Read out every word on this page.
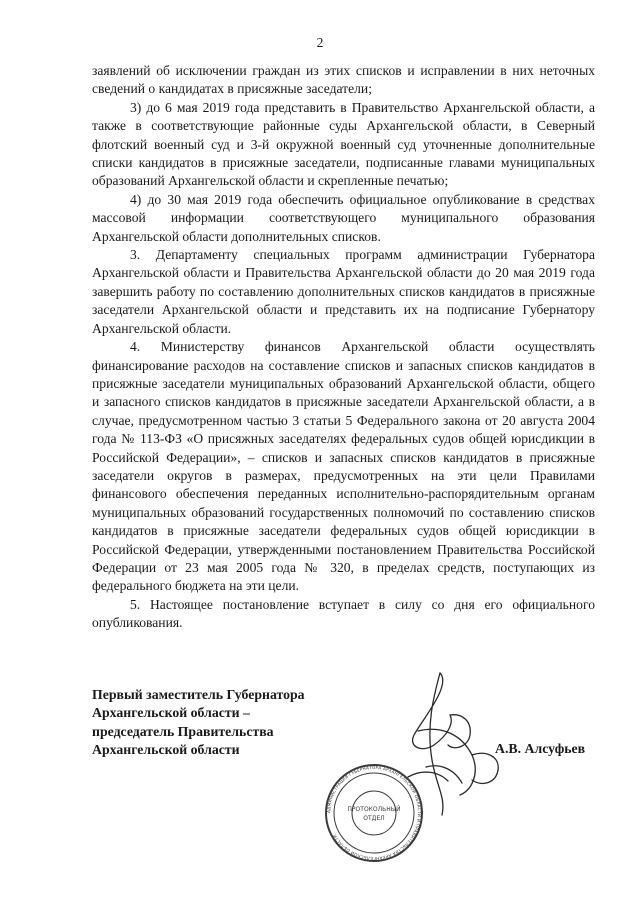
2

заявлений об исключении граждан из этих списков и исправлении в них неточных сведений о кандидатах в присяжные заседатели;

3) до 6 мая 2019 года представить в Правительство Архангельской области, а также в соответствующие районные суды Архангельской области, в Северный флотский военный суд и 3-й окружной военный суд уточненные дополнительные списки кандидатов в присяжные заседатели, подписанные главами муниципальных образований Архангельской области и скрепленные печатью;

4) до 30 мая 2019 года обеспечить официальное опубликование в средствах массовой информации соответствующего муниципального образования Архангельской области дополнительных списков.

3. Департаменту специальных программ администрации Губернатора Архангельской области и Правительства Архангельской области до 20 мая 2019 года завершить работу по составлению дополнительных списков кандидатов в присяжные заседатели Архангельской области и представить их на подписание Губернатору Архангельской области.

4. Министерству финансов Архангельской области осуществлять финансирование расходов на составление списков и запасных списков кандидатов в присяжные заседатели муниципальных образований Архангельской области, общего и запасного списков кандидатов в присяжные заседатели Архангельской области, а в случае, предусмотренном частью 3 статьи 5 Федерального закона от 20 августа 2004 года № 113-ФЗ «О присяжных заседателях федеральных судов общей юрисдикции в Российской Федерации», – списков и запасных списков кандидатов в присяжные заседатели округов в размерах, предусмотренных на эти цели Правилами финансового обеспечения переданных исполнительно-распорядительным органам муниципальных образований государственных полномочий по составлению списков кандидатов в присяжные заседатели федеральных судов общей юрисдикции в Российской Федерации, утвержденными постановлением Правительства Российской Федерации от 23 мая 2005 года № 320, в пределах средств, поступающих из федерального бюджета на эти цели.

5. Настоящее постановление вступает в силу со дня его официального опубликования.

АДМИНИСТРАЦИЯ ГУБЕРНАТОРА АРХАНГЕЛЬСКОЙ ОБЛАСТИ И ПРАВИТЕЛЬСТВА АРХАНГЕЛЬСКОЙ ОБЛАСТИ
ПРОТОКОЛЬНЫЙ
ОТДЕЛ
Первый заместитель Губернатора
Архангельской области –
председатель Правительства
Архангельской области	А.В. Алсуфьев
